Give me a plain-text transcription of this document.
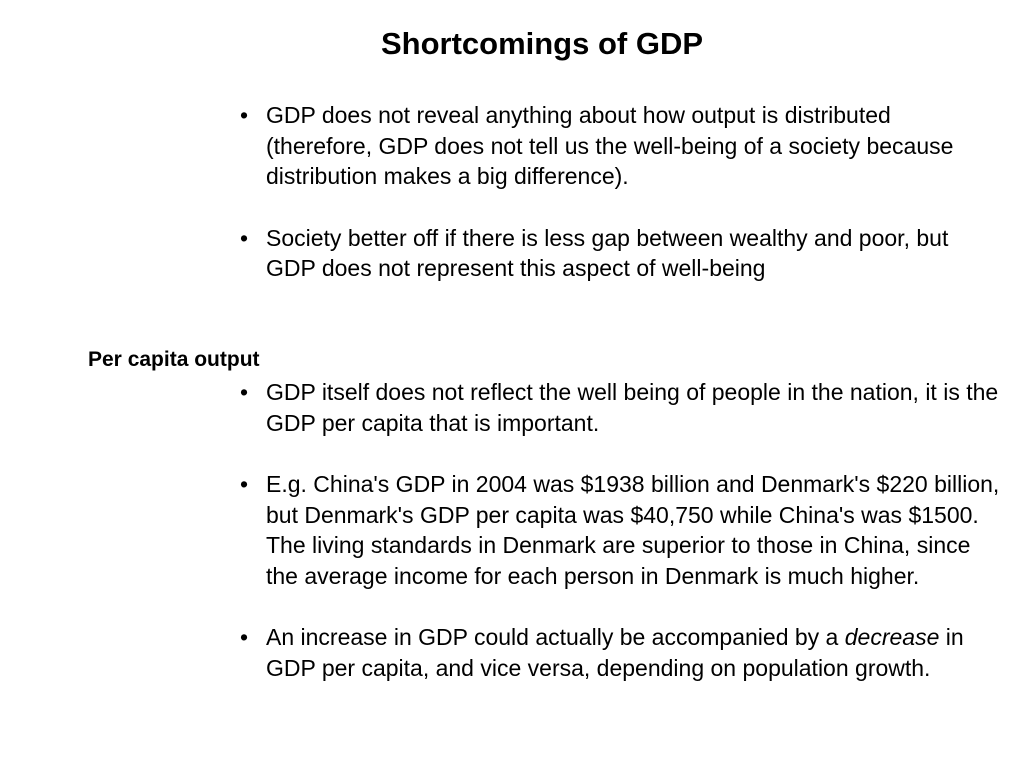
Shortcomings of GDP
• GDP does not reveal anything about how output is distributed (therefore, GDP does not tell us the well-being of a society because distribution makes a big difference).
• Society better off if there is less gap between wealthy and poor, but GDP does not represent this aspect of well-being
Per capita output
• GDP itself does not reflect the well being of people in the nation, it is the GDP per capita that is important.
• E.g. China's GDP in 2004 was $1938 billion and Denmark's $220 billion, but Denmark's GDP per capita was $40,750 while China's was $1500. The living standards in Denmark are superior to those in China, since the average income for each person in Denmark is much higher.
• An increase in GDP could actually be accompanied by a decrease in GDP per capita, and vice versa, depending on population growth.
